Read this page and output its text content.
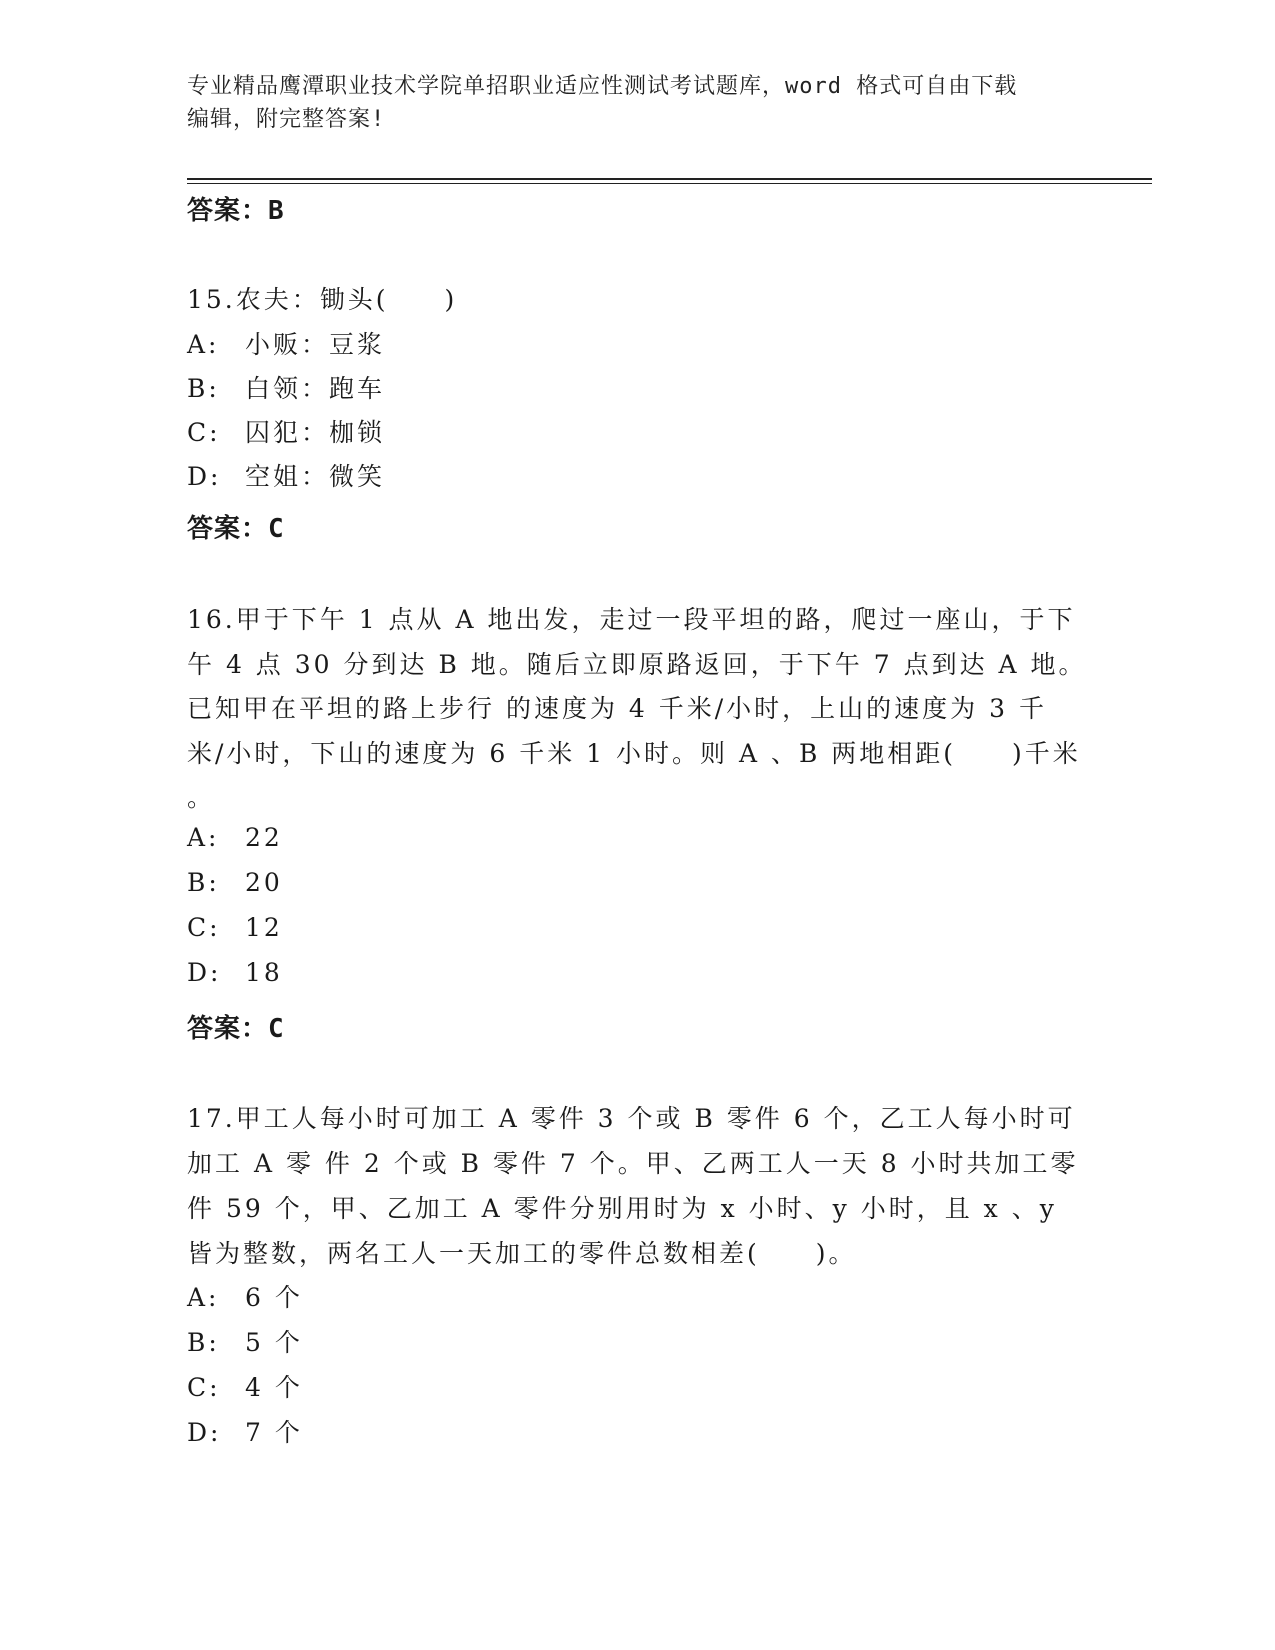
专业精品鹰潭职业技术学院单招职业适应性测试考试题库，word 格式可自由下载
编辑，附完整答案!
答案：B
15.农夫：锄头(　　)
A: 小贩：豆浆
B: 白领：跑车
C: 囚犯：枷锁
D: 空姐：微笑
答案：C
16.甲于下午 1 点从 A 地出发，走过一段平坦的路，爬过一座山，于下
午 4 点 30 分到达 B 地。随后立即原路返回，于下午 7 点到达 A 地。
已知甲在平坦的路上步行 的速度为 4 千米/小时，上山的速度为 3 千
米/小时，下山的速度为 6 千米 1 小时。则 A 、B 两地相距(　　)千米
。
A: 22
B: 20
C: 12
D: 18
答案：C
17.甲工人每小时可加工 A 零件 3 个或 B 零件 6 个，乙工人每小时可
加工 A 零 件 2 个或 B 零件 7 个。甲、乙两工人一天 8 小时共加工零
件 59 个，甲、乙加工 A 零件分别用时为 x 小时、y 小时，且 x 、y
皆为整数，两名工人一天加工的零件总数相差(　　)。
A: 6 个
B: 5 个
C: 4 个
D: 7 个
